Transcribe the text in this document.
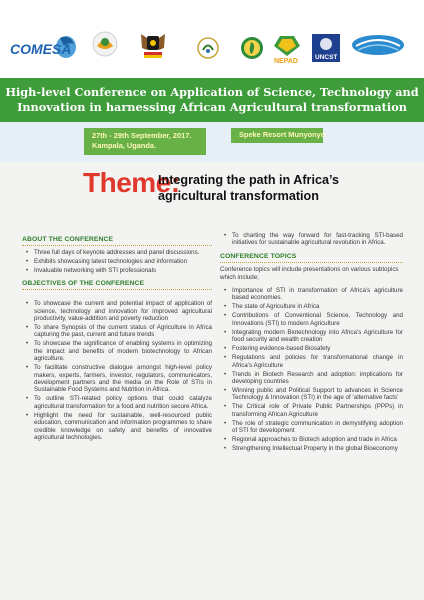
COMESA
NEPAD
UNCST
High-level Conference on Application of Science, Technology and
Innovation in harnessing African Agricultural transformation
27th - 29th September, 2017.
Kampala, Uganda.
Speke Resort Munyonyo
Theme:
Integrating the path in Africa’s
agricultural transformation
ABOUT THE CONFERENCE
• Three full days of keynote addresses and panel discussions.
• Exhibits showcasing latest technologies and information
• Invaluable networking with STI professionals
OBJECTIVES OF THE CONFERENCE
• To showcase the current and potential impact of application of science, technology and innovation for improved agricultural productivity, value-addition and poverty reduction
• To share Synopsis of the current status of Agriculture in Africa capturing the past, current and future trends
• To showcase the significance of enabling systems in optimizing the impact and benefits of modern biotechnology to African agriculture.
• To facilitate constructive dialogue amongst high-level policy makers, experts, farmers, investor, regulators, communicators, development partners and the media on the Role of STIs in Sustainable Food Systems and Nutrition in Africa.
• To outline STI-related policy options that could catalyze agricultural transformation for a food and nutrition secure Africa.
• Highlight the need for sustainable, well-resourced public education, communication and information programmes to share credible knowledge on safety and benefits of innovative agricultural technologies.
• To charting the way forward for fast-tracking STI-based initiatives for sustainable agricultural revolution in Africa.
CONFERENCE TOPICS
Conference topics will include presentations on various subtopics which include;
• Importance of STI in transformation of Africa’s agriculture based economies.
• The state of Agriculture in Africa
• Contributions of Conventional Science, Technology and Innovations (STI) to modern Agriculture
• Integrating modern Biotechnology into Africa’s Agriculture for food security and wealth creation
• Fostering evidence-based Biosafety
• Regulations and policies for transformational change in Africa’s Agriculture
• Trends in Biotech Research and adoption: implications for developing countries
• Winning public and Political Support to advances in Science Technology & Innovation (STI) in the age of ‘alternative facts’
• The Critical role of Private Public Partnerships (PPPs) in transforming African Agriculture
• The role of strategic communication in demystifying adoption of STI for development
• Regional approaches to Biotech adoption and trade in Africa
• Strengthening Intellectual Property in the global Bioeconomy
